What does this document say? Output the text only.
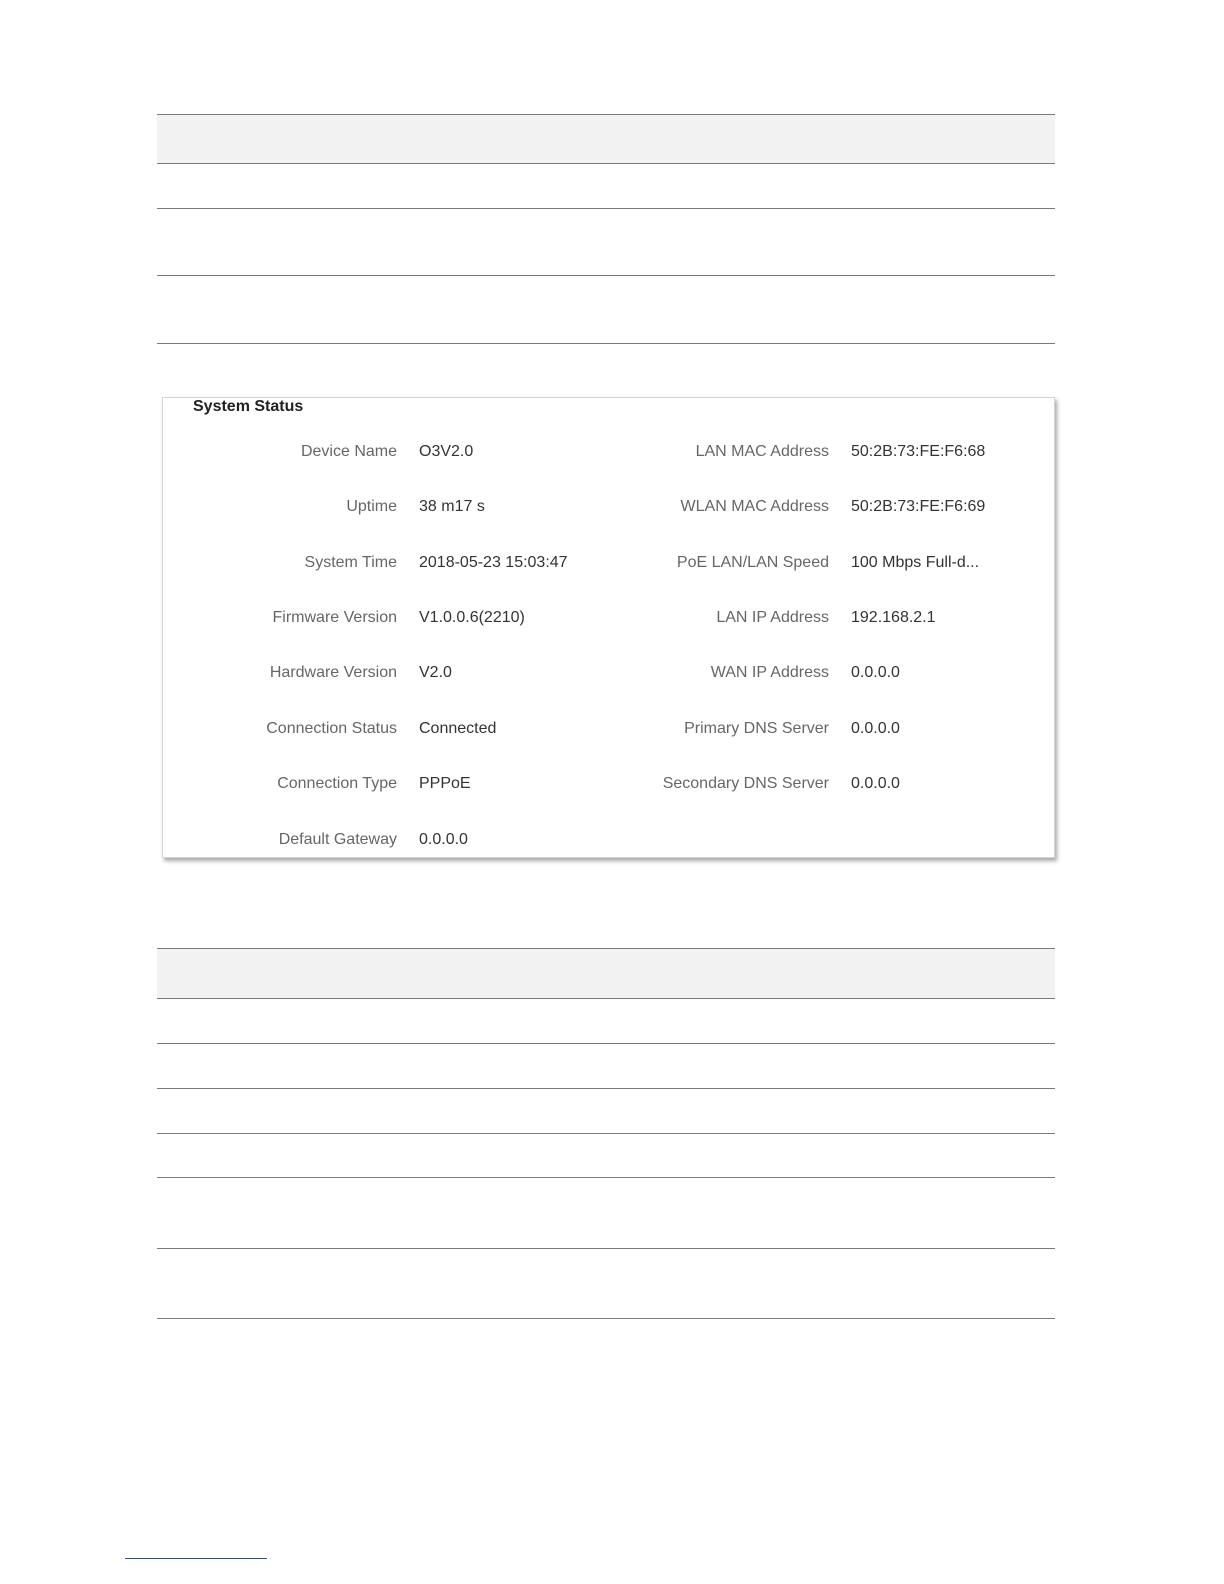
System Status
Device Name O3V2.0
Uptime 38 m17 s
System Time 2018-05-23 15:03:47
Firmware Version V1.0.0.6(2210)
Hardware Version V2.0
Connection Status Connected
Connection Type PPPoE
Default Gateway 0.0.0.0
LAN MAC Address 50:2B:73:FE:F6:68
WLAN MAC Address 50:2B:73:FE:F6:69
PoE LAN/LAN Speed 100 Mbps Full-d...
LAN IP Address 192.168.2.1
WAN IP Address 0.0.0.0
Primary DNS Server 0.0.0.0
Secondary DNS Server 0.0.0.0
